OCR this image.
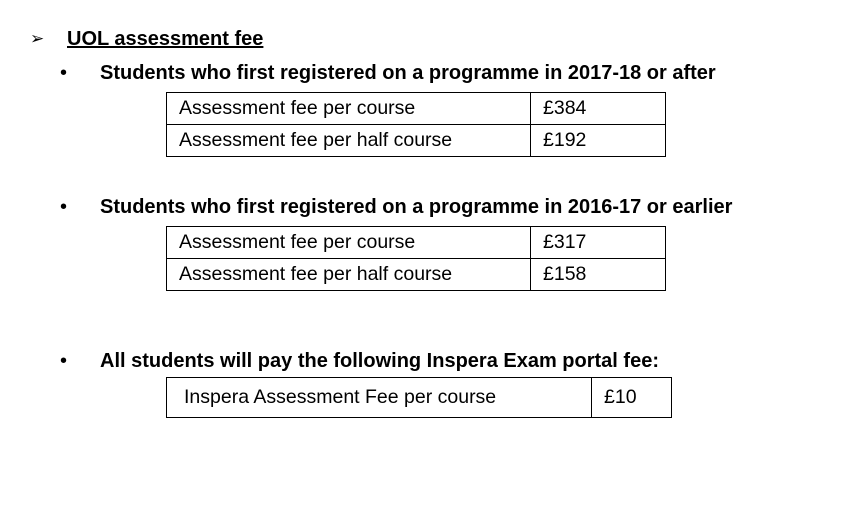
➢	UOL assessment fee
•	Students who first registered on a programme in 2017-18 or after
Assessment fee per course	£384
Assessment fee per half course	£192
•	Students who first registered on a programme in 2016-17 or earlier
Assessment fee per course	£317
Assessment fee per half course	£158
•	All students will pay the following Inspera Exam portal fee:
Inspera Assessment Fee per course	£10
